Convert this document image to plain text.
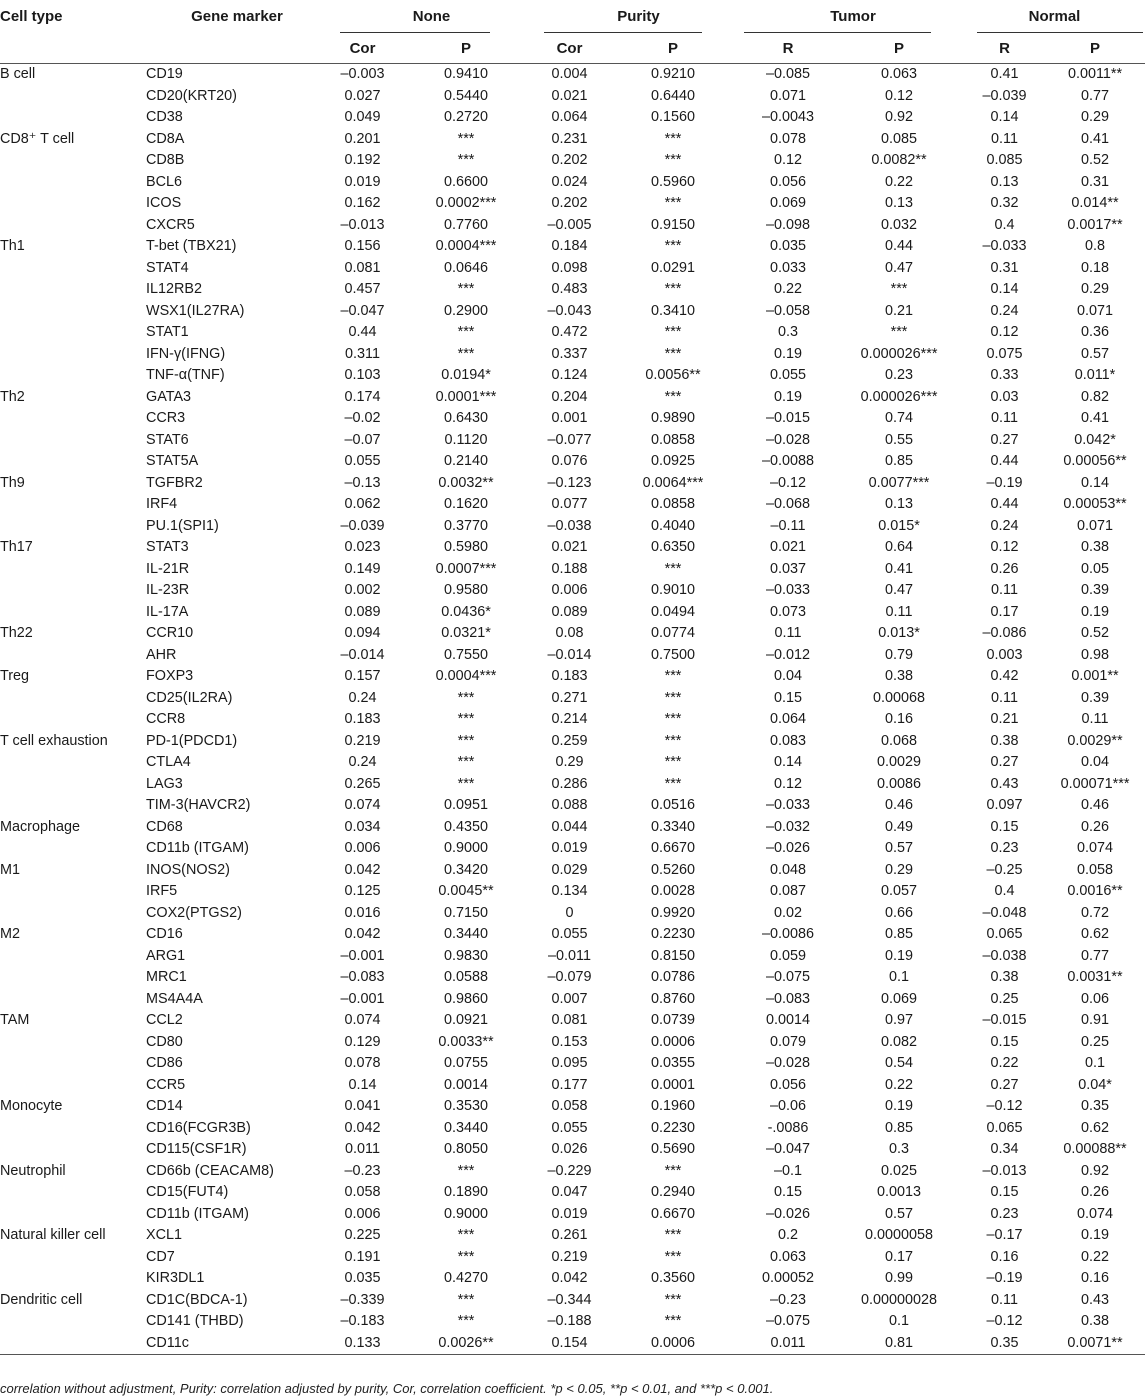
Cell type	Gene marker	None		Purity		Tumor		Normal	
		Cor	P	Cor	P	R	P	R	P
B cell	CD19	–0.003	0.9410	0.004	0.9210	–0.085	0.063	0.41	0.0011**
	CD20(KRT20)	0.027	0.5440	0.021	0.6440	0.071	0.12	–0.039	0.77
	CD38	0.049	0.2720	0.064	0.1560	–0.0043	0.92	0.14	0.29
CD8⁺ T cell	CD8A	0.201	***	0.231	***	0.078	0.085	0.11	0.41
	CD8B	0.192	***	0.202	***	0.12	0.0082**	0.085	0.52
	BCL6	0.019	0.6600	0.024	0.5960	0.056	0.22	0.13	0.31
	ICOS	0.162	0.0002***	0.202	***	0.069	0.13	0.32	0.014**
	CXCR5	–0.013	0.7760	–0.005	0.9150	–0.098	0.032	0.4	0.0017**
Th1	T-bet (TBX21)	0.156	0.0004***	0.184	***	0.035	0.44	–0.033	0.8
	STAT4	0.081	0.0646	0.098	0.0291	0.033	0.47	0.31	0.18
	IL12RB2	0.457	***	0.483	***	0.22	***	0.14	0.29
	WSX1(IL27RA)	–0.047	0.2900	–0.043	0.3410	–0.058	0.21	0.24	0.071
	STAT1	0.44	***	0.472	***	0.3	***	0.12	0.36
	IFN-γ(IFNG)	0.311	***	0.337	***	0.19	0.000026***	0.075	0.57
	TNF-α(TNF)	0.103	0.0194*	0.124	0.0056**	0.055	0.23	0.33	0.011*
Th2	GATA3	0.174	0.0001***	0.204	***	0.19	0.000026***	0.03	0.82
	CCR3	–0.02	0.6430	0.001	0.9890	–0.015	0.74	0.11	0.41
	STAT6	–0.07	0.1120	–0.077	0.0858	–0.028	0.55	0.27	0.042*
	STAT5A	0.055	0.2140	0.076	0.0925	–0.0088	0.85	0.44	0.00056**
Th9	TGFBR2	–0.13	0.0032**	–0.123	0.0064***	–0.12	0.0077***	–0.19	0.14
	IRF4	0.062	0.1620	0.077	0.0858	–0.068	0.13	0.44	0.00053**
	PU.1(SPI1)	–0.039	0.3770	–0.038	0.4040	–0.11	0.015*	0.24	0.071
Th17	STAT3	0.023	0.5980	0.021	0.6350	0.021	0.64	0.12	0.38
	IL-21R	0.149	0.0007***	0.188	***	0.037	0.41	0.26	0.05
	IL-23R	0.002	0.9580	0.006	0.9010	–0.033	0.47	0.11	0.39
	IL-17A	0.089	0.0436*	0.089	0.0494	0.073	0.11	0.17	0.19
Th22	CCR10	0.094	0.0321*	0.08	0.0774	0.11	0.013*	–0.086	0.52
	AHR	–0.014	0.7550	–0.014	0.7500	–0.012	0.79	0.003	0.98
Treg	FOXP3	0.157	0.0004***	0.183	***	0.04	0.38	0.42	0.001**
	CD25(IL2RA)	0.24	***	0.271	***	0.15	0.00068	0.11	0.39
	CCR8	0.183	***	0.214	***	0.064	0.16	0.21	0.11
T cell exhaustion	PD-1(PDCD1)	0.219	***	0.259	***	0.083	0.068	0.38	0.0029**
	CTLA4	0.24	***	0.29	***	0.14	0.0029	0.27	0.04
	LAG3	0.265	***	0.286	***	0.12	0.0086	0.43	0.00071***
	TIM-3(HAVCR2)	0.074	0.0951	0.088	0.0516	–0.033	0.46	0.097	0.46
Macrophage	CD68	0.034	0.4350	0.044	0.3340	–0.032	0.49	0.15	0.26
	CD11b (ITGAM)	0.006	0.9000	0.019	0.6670	–0.026	0.57	0.23	0.074
M1	INOS(NOS2)	0.042	0.3420	0.029	0.5260	0.048	0.29	–0.25	0.058
	IRF5	0.125	0.0045**	0.134	0.0028	0.087	0.057	0.4	0.0016**
	COX2(PTGS2)	0.016	0.7150	0	0.9920	0.02	0.66	–0.048	0.72
M2	CD16	0.042	0.3440	0.055	0.2230	–0.0086	0.85	0.065	0.62
	ARG1	–0.001	0.9830	–0.011	0.8150	0.059	0.19	–0.038	0.77
	MRC1	–0.083	0.0588	–0.079	0.0786	–0.075	0.1	0.38	0.0031**
	MS4A4A	–0.001	0.9860	0.007	0.8760	–0.083	0.069	0.25	0.06
TAM	CCL2	0.074	0.0921	0.081	0.0739	0.0014	0.97	–0.015	0.91
	CD80	0.129	0.0033**	0.153	0.0006	0.079	0.082	0.15	0.25
	CD86	0.078	0.0755	0.095	0.0355	–0.028	0.54	0.22	0.1
	CCR5	0.14	0.0014	0.177	0.0001	0.056	0.22	0.27	0.04*
Monocyte	CD14	0.041	0.3530	0.058	0.1960	–0.06	0.19	–0.12	0.35
	CD16(FCGR3B)	0.042	0.3440	0.055	0.2230	-.0086	0.85	0.065	0.62
	CD115(CSF1R)	0.011	0.8050	0.026	0.5690	–0.047	0.3	0.34	0.00088**
Neutrophil	CD66b (CEACAM8)	–0.23	***	–0.229	***	–0.1	0.025	–0.013	0.92
	CD15(FUT4)	0.058	0.1890	0.047	0.2940	0.15	0.0013	0.15	0.26
	CD11b (ITGAM)	0.006	0.9000	0.019	0.6670	–0.026	0.57	0.23	0.074
Natural killer cell	XCL1	0.225	***	0.261	***	0.2	0.0000058	–0.17	0.19
	CD7	0.191	***	0.219	***	0.063	0.17	0.16	0.22
	KIR3DL1	0.035	0.4270	0.042	0.3560	0.00052	0.99	–0.19	0.16
Dendritic cell	CD1C(BDCA-1)	–0.339	***	–0.344	***	–0.23	0.00000028	0.11	0.43
	CD141 (THBD)	–0.183	***	–0.188	***	–0.075	0.1	–0.12	0.38
	CD11c	0.133	0.0026**	0.154	0.0006	0.011	0.81	0.35	0.0071**
correlation without adjustment, Purity: correlation adjusted by purity, Cor, correlation coefficient. *p < 0.05, **p < 0.01, and ***p < 0.001.
